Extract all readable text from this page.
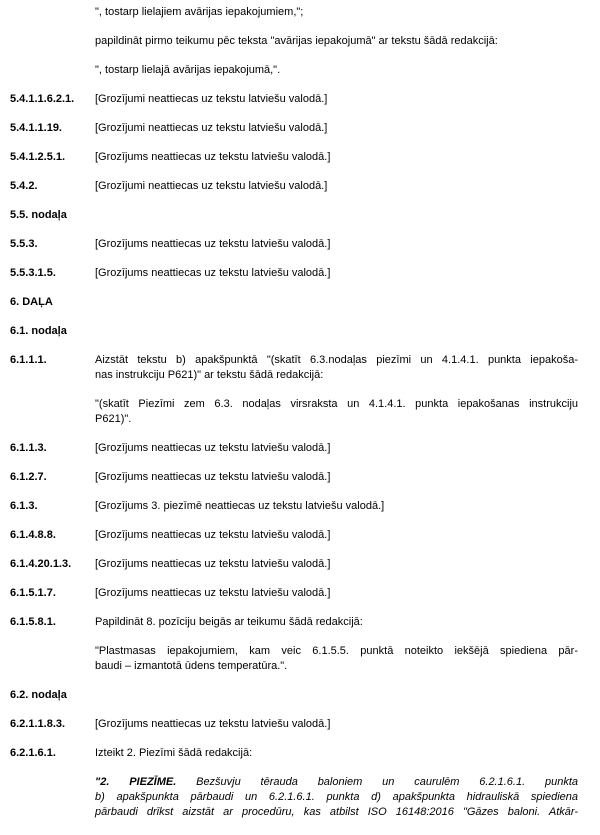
", tostarp lielajiem avārijas iepakojumiem,";
papildināt pirmo teikumu pēc teksta "avārijas iepakojumā" ar tekstu šādā redakcijā:
", tostarp lielajā avārijas iepakojumā,".
5.4.1.1.6.2.1.	[Grozījumi neattiecas uz tekstu latviešu valodā.]
5.4.1.1.19.	[Grozījumi neattiecas uz tekstu latviešu valodā.]
5.4.1.2.5.1.	[Grozījums neattiecas uz tekstu latviešu valodā.]
5.4.2.	[Grozījumi neattiecas uz tekstu latviešu valodā.]
5.5. nodaļa
5.5.3.	[Grozījums neattiecas uz tekstu latviešu valodā.]
5.5.3.1.5.	[Grozījums neattiecas uz tekstu latviešu valodā.]
6. DAĻA
6.1. nodaļa
6.1.1.1.	Aizstāt tekstu b) apakšpunktā "(skatīt 6.3.nodaļas piezīmi un 4.1.4.1. punkta iepakoša-
nas instrukciju P621)" ar tekstu šādā redakcijā:
"(skatīt Piezīmi zem 6.3. nodaļas virsraksta un 4.1.4.1. punkta iepakošanas instrukciju
P621)".
6.1.1.3.	[Grozījums neattiecas uz tekstu latviešu valodā.]
6.1.2.7.	[Grozījums neattiecas uz tekstu latviešu valodā.]
6.1.3.	[Grozījums 3. piezīmē neattiecas uz tekstu latviešu valodā.]
6.1.4.8.8.	[Grozījums neattiecas uz tekstu latviešu valodā.]
6.1.4.20.1.3.	[Grozījums neattiecas uz tekstu latviešu valodā.]
6.1.5.1.7.	[Grozījums neattiecas uz tekstu latviešu valodā.]
6.1.5.8.1.	Papildināt 8. pozīciju beigās ar teikumu šādā redakcijā:
"Plastmasas iepakojumiem, kam veic 6.1.5.5. punktā noteikto iekšējā spiediena pār-
baudi – izmantotā ūdens temperatūra.".
6.2. nodaļa
6.2.1.1.8.3.	[Grozījums neattiecas uz tekstu latviešu valodā.]
6.2.1.6.1.	Izteikt 2. Piezīmi šādā redakcijā:
"2. PIEZĪME. Bezšuvju tērauda baloniem un caurulēm 6.2.1.6.1. punkta
b) apakšpunkta pārbaudi un 6.2.1.6.1. punkta d) apakšpunkta hidrauliskā spiediena
pārbaudi drīkst aizstāt ar procedūru, kas atbilst ISO 16148:2016 "Gāzes baloni. Atkār-
